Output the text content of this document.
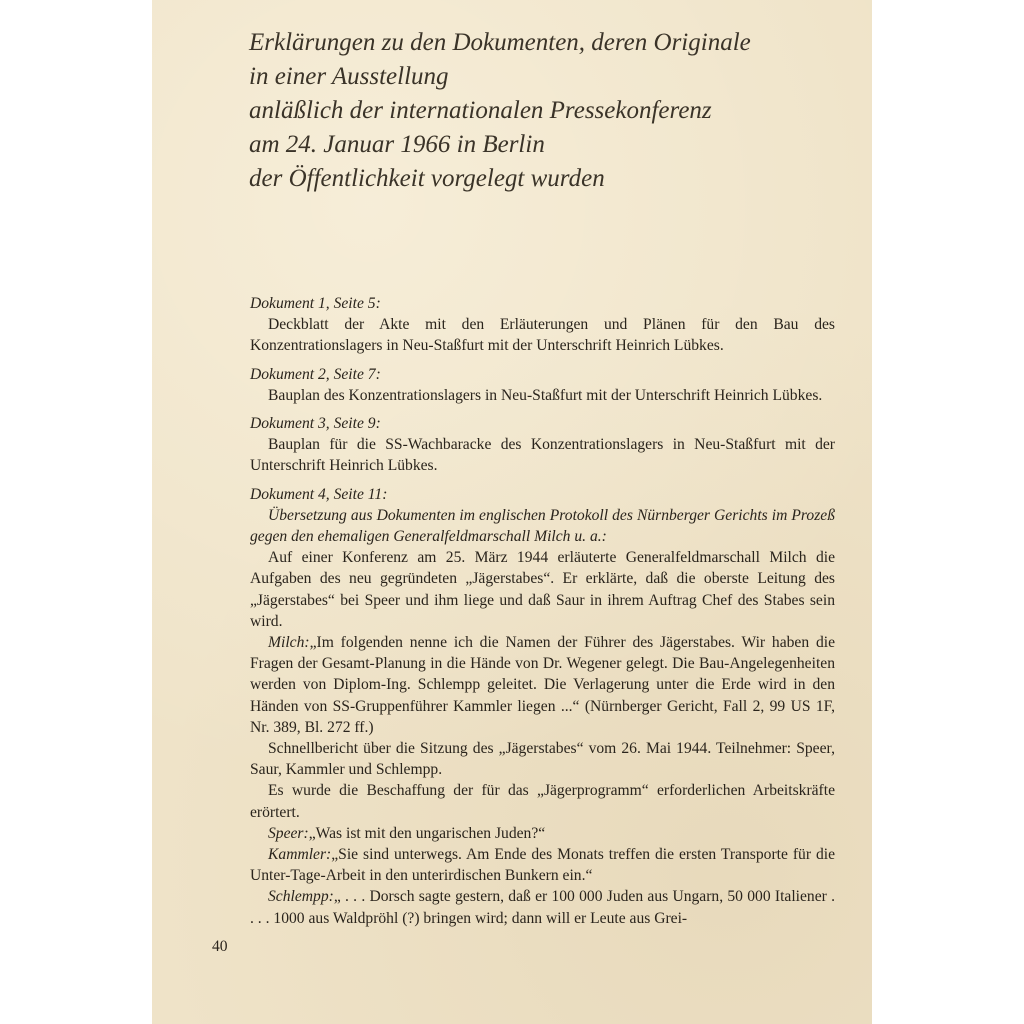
Erklärungen zu den Dokumenten, deren Originale
in einer Ausstellung
anläßlich der internationalen Pressekonferenz
am 24. Januar 1966 in Berlin
der Öffentlichkeit vorgelegt wurden
Dokument 1, Seite 5:
Deckblatt der Akte mit den Erläuterungen und Plänen für den Bau des Konzentrationslagers in Neu-Staßfurt mit der Unterschrift Heinrich Lübkes.
Dokument 2, Seite 7:
Bauplan des Konzentrationslagers in Neu-Staßfurt mit der Unterschrift Heinrich Lübkes.
Dokument 3, Seite 9:
Bauplan für die SS-Wachbaracke des Konzentrationslagers in Neu-Staßfurt mit der Unterschrift Heinrich Lübkes.
Dokument 4, Seite 11:
Übersetzung aus Dokumenten im englischen Protokoll des Nürnberger Gerichts im Prozeß gegen den ehemaligen Generalfeldmarschall Milch u. a.:
Auf einer Konferenz am 25. März 1944 erläuterte Generalfeldmarschall Milch die Aufgaben des neu gegründeten „Jägerstabes“. Er erklärte, daß die oberste Leitung des „Jägerstabes“ bei Speer und ihm liege und daß Saur in ihrem Auftrag Chef des Stabes sein wird.
Milch:„Im folgenden nenne ich die Namen der Führer des Jägerstabes. Wir haben die Fragen der Gesamt-Planung in die Hände von Dr. Wegener gelegt. Die Bau-Angelegenheiten werden von Diplom-Ing. Schlempp geleitet. Die Verlagerung unter die Erde wird in den Händen von SS-Gruppenführer Kammler liegen ...“ (Nürnberger Gericht, Fall 2, 99 US 1F, Nr. 389, Bl. 272 ff.)
Schnellbericht über die Sitzung des „Jägerstabes“ vom 26. Mai 1944. Teilnehmer: Speer, Saur, Kammler und Schlempp.
Es wurde die Beschaffung der für das „Jägerprogramm“ erforderlichen Arbeitskräfte erörtert.
Speer:„Was ist mit den ungarischen Juden?“
Kammler:„Sie sind unterwegs. Am Ende des Monats treffen die ersten Transporte für die Unter-Tage-Arbeit in den unterirdischen Bunkern ein.“
Schlempp:„ . . . Dorsch sagte gestern, daß er 100 000 Juden aus Ungarn, 50 000 Italiener . . . . 1000 aus Waldpröhl (?) bringen wird; dann will er Leute aus Grei-
40
